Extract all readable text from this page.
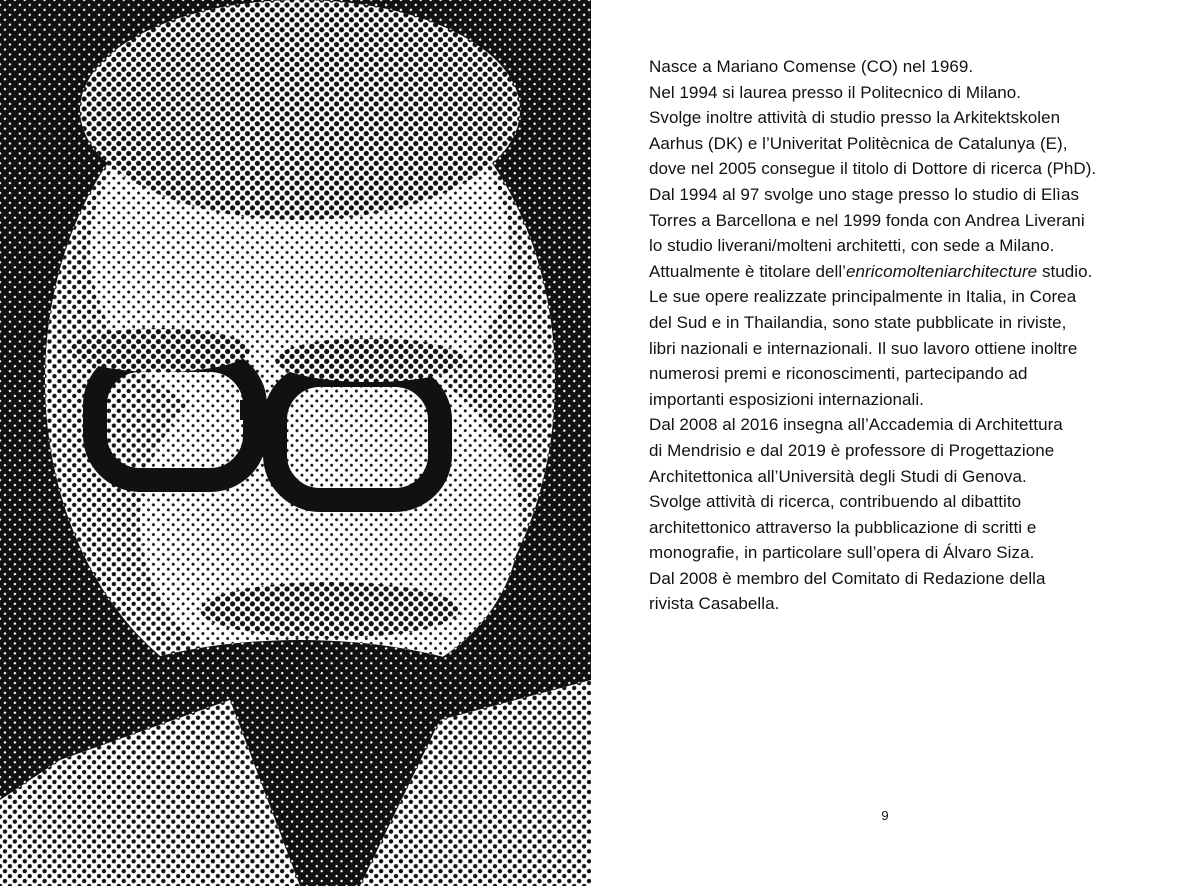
Nasce a Mariano Comense (CO) nel 1969.
Nel 1994 si laurea presso il Politecnico di Milano.
Svolge inoltre attività di studio presso la Arkitektskolen
Aarhus (DK) e l’Univeritat Politècnica de Catalunya (E),
dove nel 2005 consegue il titolo di Dottore di ricerca (PhD).
Dal 1994 al 97 svolge uno stage presso lo studio di Elìas
Torres a Barcellona e nel 1999 fonda con Andrea Liverani
lo studio liverani/molteni architetti, con sede a Milano.
Attualmente è titolare dell’enricomolteniarchitecture studio.
Le sue opere realizzate principalmente in Italia, in Corea
del Sud e in Thailandia, sono state pubblicate in riviste,
libri nazionali e internazionali. Il suo lavoro ottiene inoltre
numerosi premi e riconoscimenti, partecipando ad
importanti esposizioni internazionali.
Dal 2008 al 2016 insegna all’Accademia di Architettura
di Mendrisio e dal 2019 è professore di Progettazione
Architettonica all’Università degli Studi di Genova.
Svolge attività di ricerca, contribuendo al dibattito
architettonico attraverso la pubblicazione di scritti e
monografie, in particolare sull’opera di Álvaro Siza.
Dal 2008 è membro del Comitato di Redazione della
rivista Casabella.
9
